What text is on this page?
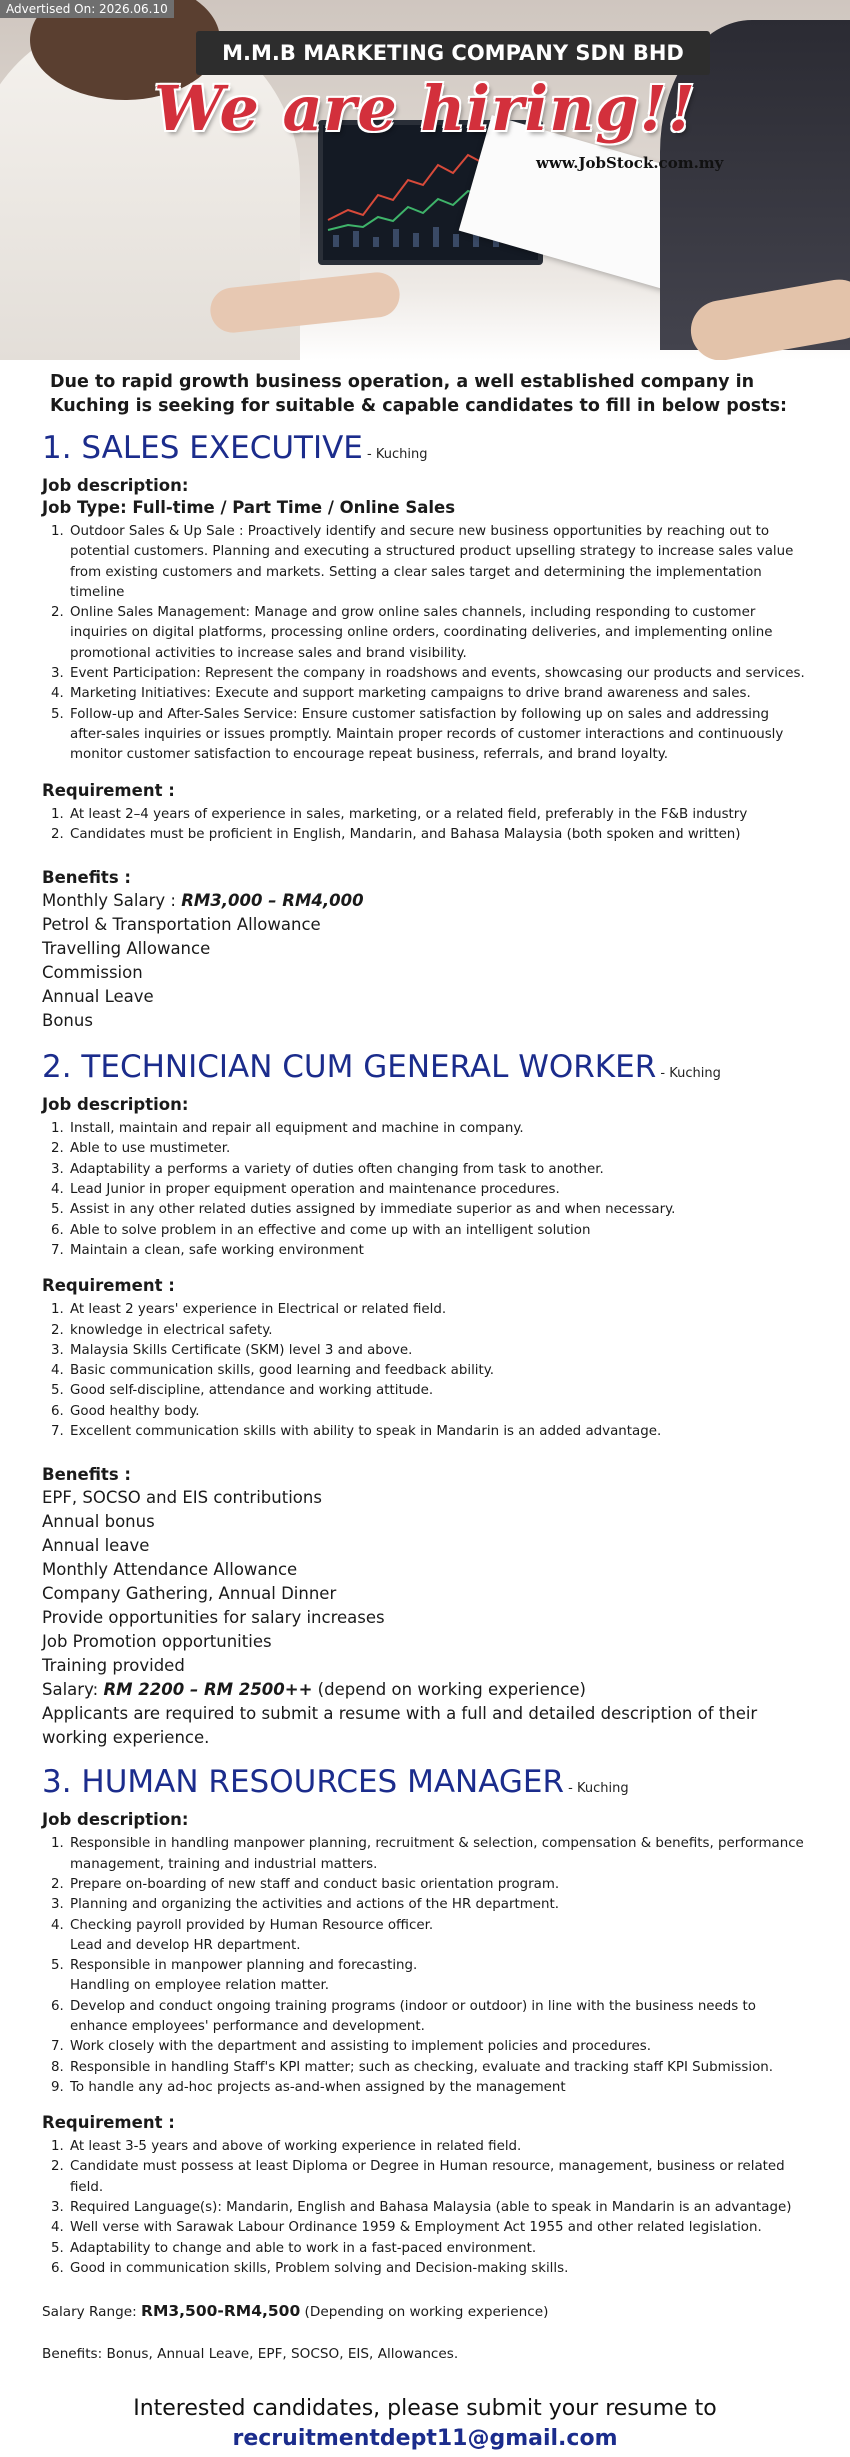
Advertised On: 2026.06.10
M.M.B MARKETING COMPANY SDN BHD
We are hiring!!
www.JobStock.com.my

Due to rapid growth business operation, a well established company in Kuching is seeking for suitable & capable candidates to fill in below posts:

1. SALES EXECUTIVE - Kuching

Job description:

Job Type: Full-time / Part Time / Online Sales

1. Outdoor Sales & Up Sale : Proactively identify and secure new business opportunities by reaching out to potential customers. Planning and executing a structured product upselling strategy to increase sales value from existing customers and markets. Setting a clear sales target and determining the implementation timeline
2. Online Sales Management: Manage and grow online sales channels, including responding to customer inquiries on digital platforms, processing online orders, coordinating deliveries, and implementing online promotional activities to increase sales and brand visibility.
3. Event Participation: Represent the company in roadshows and events, showcasing our products and services.
4. Marketing Initiatives: Execute and support marketing campaigns to drive brand awareness and sales.
5. Follow-up and After-Sales Service: Ensure customer satisfaction by following up on sales and addressing after-sales inquiries or issues promptly. Maintain proper records of customer interactions and continuously monitor customer satisfaction to encourage repeat business, referrals, and brand loyalty.

Requirement :

1. At least 2–4 years of experience in sales, marketing, or a related field, preferably in the F&B industry
2. Candidates must be proficient in English, Mandarin, and Bahasa Malaysia (both spoken and written)

Benefits :

Monthly Salary : RM3,000 – RM4,000

Petrol & Transportation Allowance

Travelling Allowance

Commission

Annual Leave

Bonus

2. TECHNICIAN CUM GENERAL WORKER - Kuching

Job description:

1. Install, maintain and repair all equipment and machine in company.
2. Able to use mustimeter.
3. Adaptability a performs a variety of duties often changing from task to another.
4. Lead Junior in proper equipment operation and maintenance procedures.
5. Assist in any other related duties assigned by immediate superior as and when necessary.
6. Able to solve problem in an effective and come up with an intelligent solution
7. Maintain a clean, safe working environment

Requirement :

1. At least 2 years' experience in Electrical or related field.
2. knowledge in electrical safety.
3. Malaysia Skills Certificate (SKM) level 3 and above.
4. Basic communication skills, good learning and feedback ability.
5. Good self-discipline, attendance and working attitude.
6. Good healthy body.
7. Excellent communication skills with ability to speak in Mandarin is an added advantage.

Benefits :

EPF, SOCSO and EIS contributions

Annual bonus

Annual leave

Monthly Attendance Allowance

Company Gathering, Annual Dinner

Provide opportunities for salary increases

Job Promotion opportunities

Training provided

Salary: RM 2200 – RM 2500++ (depend on working experience)

Applicants are required to submit a resume with a full and detailed description of their working experience.

3. HUMAN RESOURCES MANAGER - Kuching

Job description:

1. Responsible in handling manpower planning, recruitment & selection, compensation & benefits, performance management, training and industrial matters.
2. Prepare on-boarding of new staff and conduct basic orientation program.
3. Planning and organizing the activities and actions of the HR department.
4. Checking payroll provided by Human Resource officer.
Lead and develop HR department.
5. Responsible in manpower planning and forecasting.
Handling on employee relation matter.
6. Develop and conduct ongoing training programs (indoor or outdoor) in line with the business needs to enhance employees' performance and development.
7. Work closely with the department and assisting to implement policies and procedures.
8. Responsible in handling Staff's KPI matter; such as checking, evaluate and tracking staff KPI Submission.
9. To handle any ad-hoc projects as-and-when assigned by the management

Requirement :

1. At least 3-5 years and above of working experience in related field.
2. Candidate must possess at least Diploma or Degree in Human resource, management, business or related field.
3. Required Language(s): Mandarin, English and Bahasa Malaysia (able to speak in Mandarin is an advantage)
4. Well verse with Sarawak Labour Ordinance 1959 & Employment Act 1955 and other related legislation.
5. Adaptability to change and able to work in a fast-paced environment.
6. Good in communication skills, Problem solving and Decision-making skills.

Salary Range: RM3,500-RM4,500 (Depending on working experience)

Benefits: Bonus, Annual Leave, EPF, SOCSO, EIS, Allowances.

Interested candidates, please submit your resume to
recruitmentdept11@gmail.com
